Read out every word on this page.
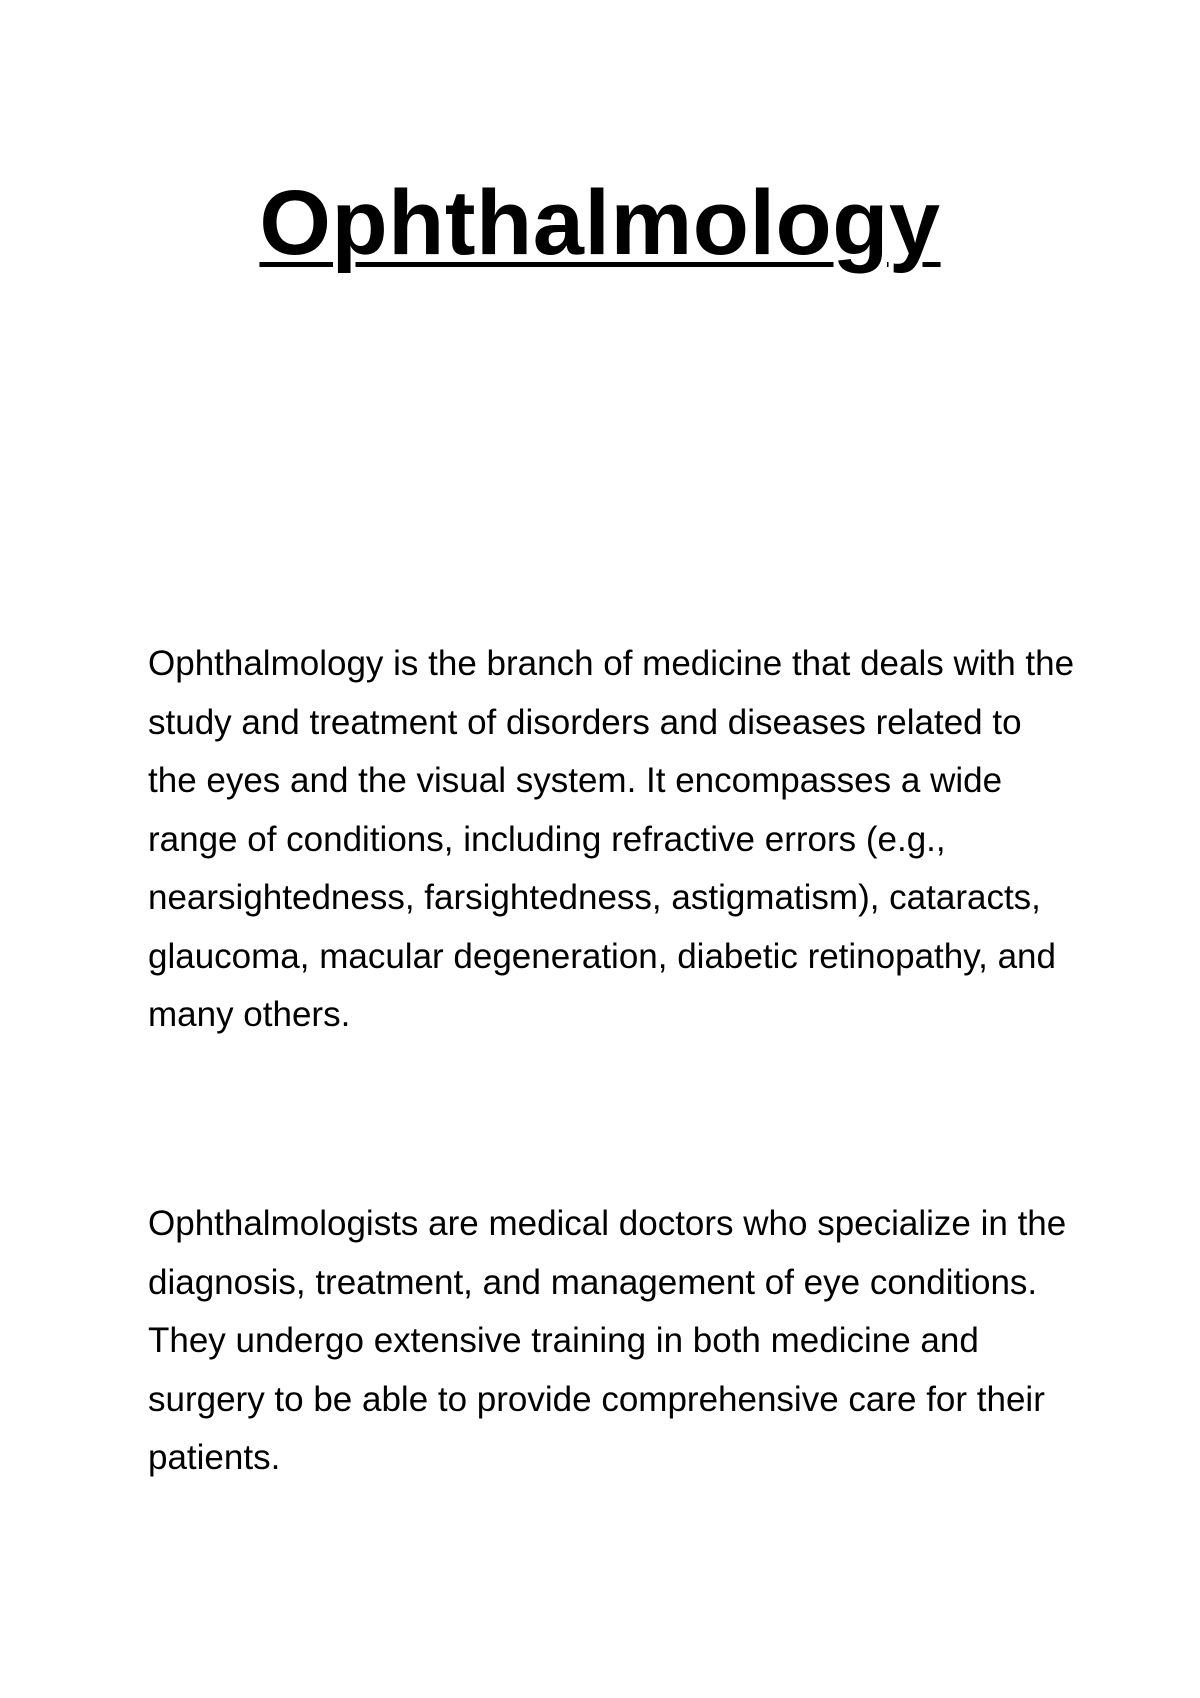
Ophthalmology

Ophthalmology is the branch of medicine that deals with the study and treatment of disorders and diseases related to the eyes and the visual system. It encompasses a wide range of conditions, including refractive errors (e.g., nearsightedness, farsightedness, astigmatism), cataracts, glaucoma, macular degeneration, diabetic retinopathy, and many others.

Ophthalmologists are medical doctors who specialize in the diagnosis, treatment, and management of eye conditions. They undergo extensive training in both medicine and surgery to be able to provide comprehensive care for their patients.
